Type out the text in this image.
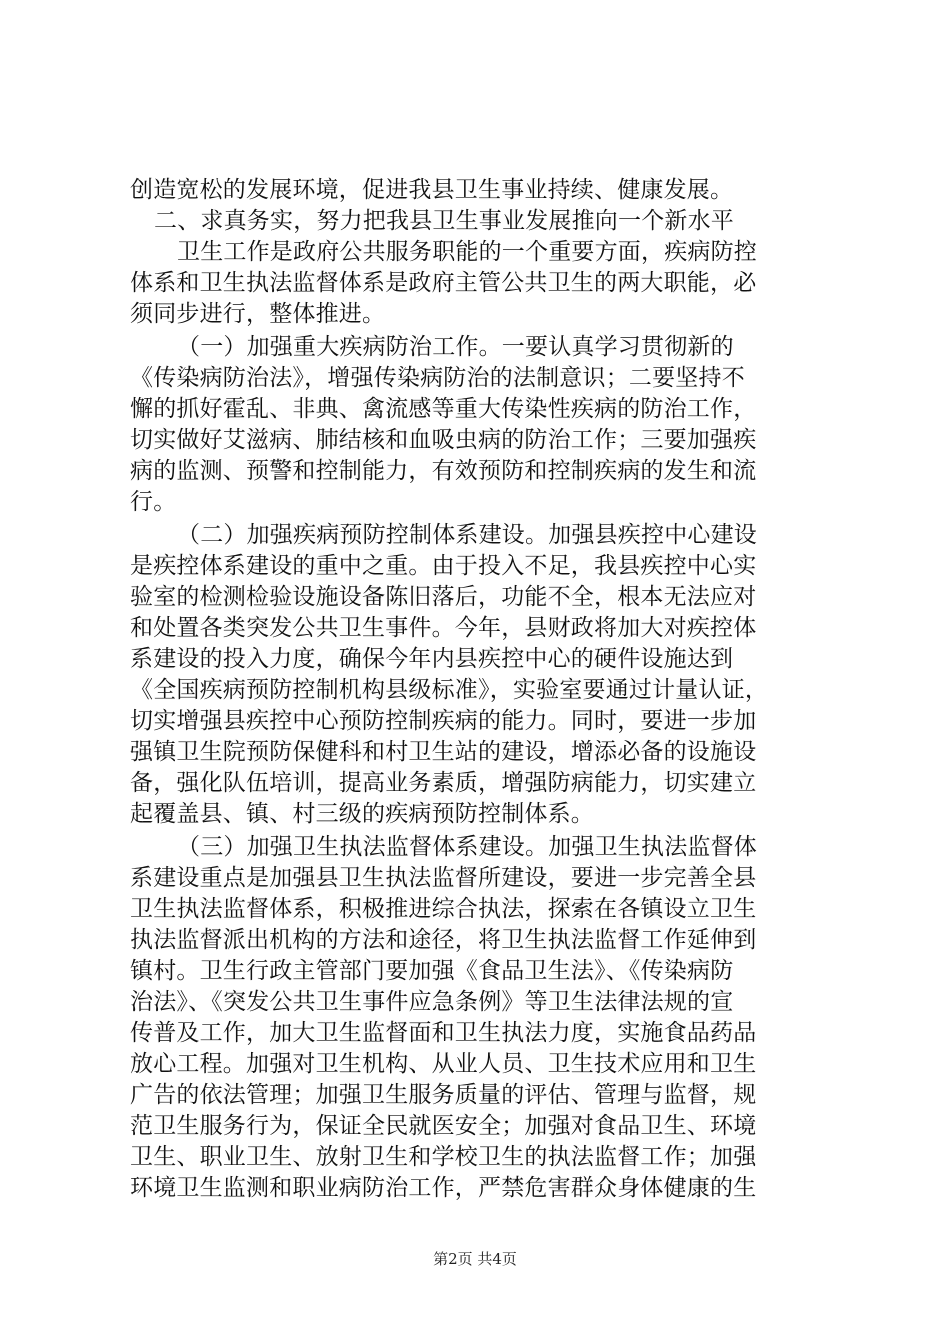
创造宽松的发展环境，促进我县卫生事业持续、健康发展。
二、求真务实，努力把我县卫生事业发展推向一个新水平
卫生工作是政府公共服务职能的一个重要方面，疾病防控
体系和卫生执法监督体系是政府主管公共卫生的两大职能，必
须同步进行，整体推进。
（一）加强重大疾病防治工作。一要认真学习贯彻新的
《传染病防治法》，增强传染病防治的法制意识；二要坚持不
懈的抓好霍乱、非典、禽流感等重大传染性疾病的防治工作，
切实做好艾滋病、肺结核和血吸虫病的防治工作；三要加强疾
病的监测、预警和控制能力，有效预防和控制疾病的发生和流
行。
（二）加强疾病预防控制体系建设。加强县疾控中心建设
是疾控体系建设的重中之重。由于投入不足，我县疾控中心实
验室的检测检验设施设备陈旧落后，功能不全，根本无法应对
和处置各类突发公共卫生事件。今年，县财政将加大对疾控体
系建设的投入力度，确保今年内县疾控中心的硬件设施达到
《全国疾病预防控制机构县级标准》，实验室要通过计量认证，
切实增强县疾控中心预防控制疾病的能力。同时，要进一步加
强镇卫生院预防保健科和村卫生站的建设，增添必备的设施设
备，强化队伍培训，提高业务素质，增强防病能力，切实建立
起覆盖县、镇、村三级的疾病预防控制体系。
（三）加强卫生执法监督体系建设。加强卫生执法监督体
系建设重点是加强县卫生执法监督所建设，要进一步完善全县
卫生执法监督体系，积极推进综合执法，探索在各镇设立卫生
执法监督派出机构的方法和途径，将卫生执法监督工作延伸到
镇村。卫生行政主管部门要加强《食品卫生法》、《传染病防
治法》、《突发公共卫生事件应急条例》等卫生法律法规的宣
传普及工作，加大卫生监督面和卫生执法力度，实施食品药品
放心工程。加强对卫生机构、从业人员、卫生技术应用和卫生
广告的依法管理；加强卫生服务质量的评估、管理与监督，规
范卫生服务行为，保证全民就医安全；加强对食品卫生、环境
卫生、职业卫生、放射卫生和学校卫生的执法监督工作；加强
环境卫生监测和职业病防治工作，严禁危害群众身体健康的生
第2页 共4页
